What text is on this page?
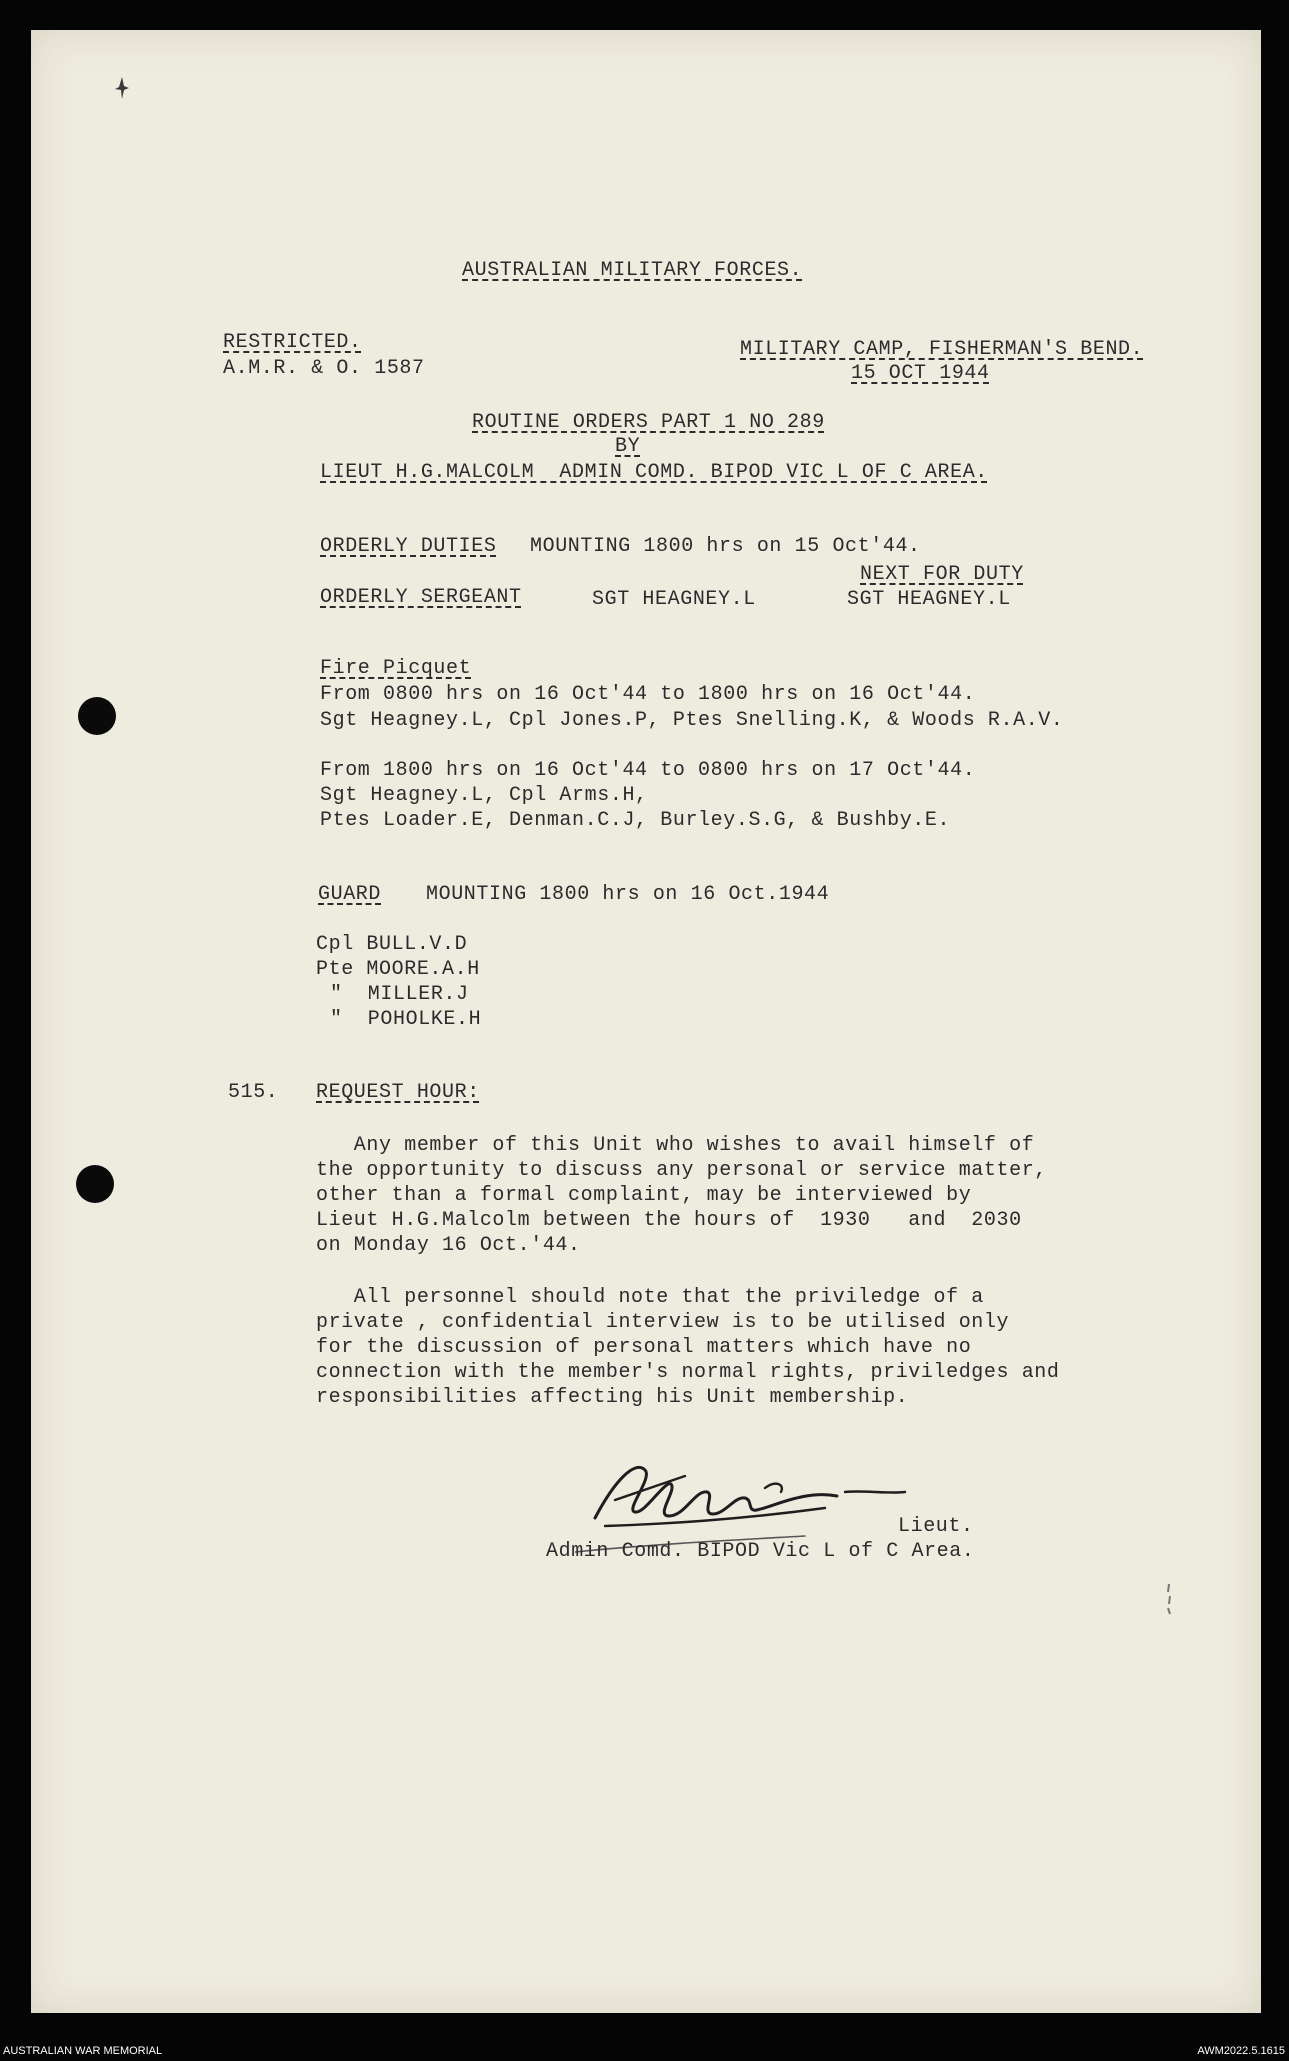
AUSTRALIAN MILITARY FORCES.
RESTRICTED.
A.M.R. & O. 1587
MILITARY CAMP, FISHERMAN'S BEND.
15 OCT 1944
ROUTINE ORDERS PART 1 NO 289
BY
LIEUT H.G.MALCOLM  ADMIN COMD. BIPOD VIC L OF C AREA.
ORDERLY DUTIES MOUNTING 1800 hrs on 15 Oct'44.
NEXT FOR DUTY
ORDERLY SERGEANT	SGT HEAGNEY.L	SGT HEAGNEY.L
Fire Picquet
From 0800 hrs on 16 Oct'44 to 1800 hrs on 16 Oct'44.
Sgt Heagney.L, Cpl Jones.P, Ptes Snelling.K, & Woods R.A.V.
From 1800 hrs on 16 Oct'44 to 0800 hrs on 17 Oct'44.
Sgt Heagney.L, Cpl Arms.H,
Ptes Loader.E, Denman.C.J, Burley.S.G, & Bushby.E.
GUARD MOUNTING 1800 hrs on 16 Oct.1944
Cpl BULL.V.D
Pte MOORE.A.H
"  MILLER.J
"  POHOLKE.H
515. REQUEST HOUR:
Any member of this Unit who wishes to avail himself of
the opportunity to discuss any personal or service matter,
other than a formal complaint, may be interviewed by
Lieut H.G.Malcolm between the hours of  1930   and  2030
on Monday 16 Oct.'44.
All personnel should note that the priviledge of a
private , confidential interview is to be utilised only
for the discussion of personal matters which have no
connection with the member's normal rights, priviledges and
responsibilities affecting his Unit membership.
Lieut.
Admin Comd. BIPOD Vic L of C Area.
AUSTRALIAN WAR MEMORIAL	AWM2022.5.1615
